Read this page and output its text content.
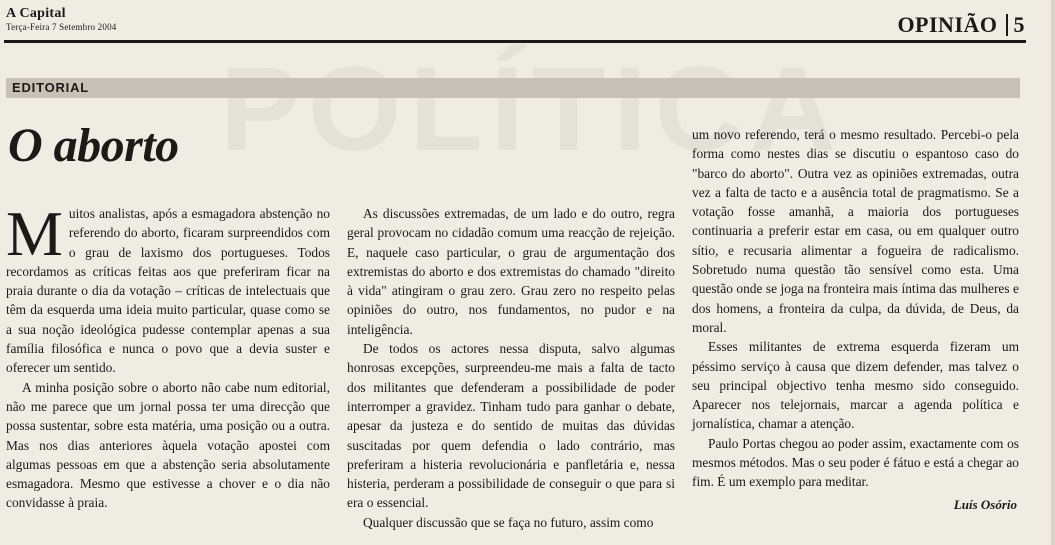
A Capital
Terça-Feira 7 Setembro 2004	OPINIÃO 5
EDITORIAL
O aborto

Muitos analistas, após a esmagadora abstenção no referendo do aborto, ficaram surpreendidos com o grau de laxismo dos portugueses. Todos recordamos as críticas feitas aos que preferiram ficar na praia durante o dia da votação – críticas de intelectuais que têm da esquerda uma ideia muito particular, quase como se a sua noção ideológica pudesse contemplar apenas a sua família filosófica e nunca o povo que a devia suster e oferecer um sentido.

A minha posição sobre o aborto não cabe num editorial, não me parece que um jornal possa ter uma direcção que possa sustentar, sobre esta matéria, uma posição ou a outra. Mas nos dias anteriores àquela votação apostei com algumas pessoas em que a abstenção seria absolutamente esmagadora. Mesmo que estivesse a chover e o dia não convidasse à praia.

As discussões extremadas, de um lado e do outro, regra geral provocam no cidadão comum uma reacção de rejeição. E, naquele caso particular, o grau de argumentação dos extremistas do aborto e dos extremistas do chamado "direito à vida" atingiram o grau zero. Grau zero no respeito pelas opiniões do outro, nos fundamentos, no pudor e na inteligência.

De todos os actores nessa disputa, salvo algumas honrosas excepções, surpreendeu-me mais a falta de tacto dos militantes que defenderam a possibilidade de poder interromper a gravidez. Tinham tudo para ganhar o debate, apesar da justeza e do sentido de muitas das dúvidas suscitadas por quem defendia o lado contrário, mas preferiram a histeria revolucionária e panfletária e, nessa histeria, perderam a possibilidade de conseguir o que para si era o essencial.

Qualquer discussão que se faça no futuro, assim como

um novo referendo, terá o mesmo resultado. Percebi-o pela forma como nestes dias se discutiu o espantoso caso do "barco do aborto". Outra vez as opiniões extremadas, outra vez a falta de tacto e a ausência total de pragmatismo. Se a votação fosse amanhã, a maioria dos portugueses continuaria a preferir estar em casa, ou em qualquer outro sítio, e recusaria alimentar a fogueira de radicalismo. Sobretudo numa questão tão sensível como esta. Uma questão onde se joga na fronteira mais íntima das mulheres e dos homens, a fronteira da culpa, da dúvida, de Deus, da moral.

Esses militantes de extrema esquerda fizeram um péssimo serviço à causa que dizem defender, mas talvez o seu principal objectivo tenha mesmo sido conseguido. Aparecer nos telejornais, marcar a agenda política e jornalística, chamar a atenção.

Paulo Portas chegou ao poder assim, exactamente com os mesmos métodos. Mas o seu poder é fátuo e está a chegar ao fim. É um exemplo para meditar.

Luís Osório
